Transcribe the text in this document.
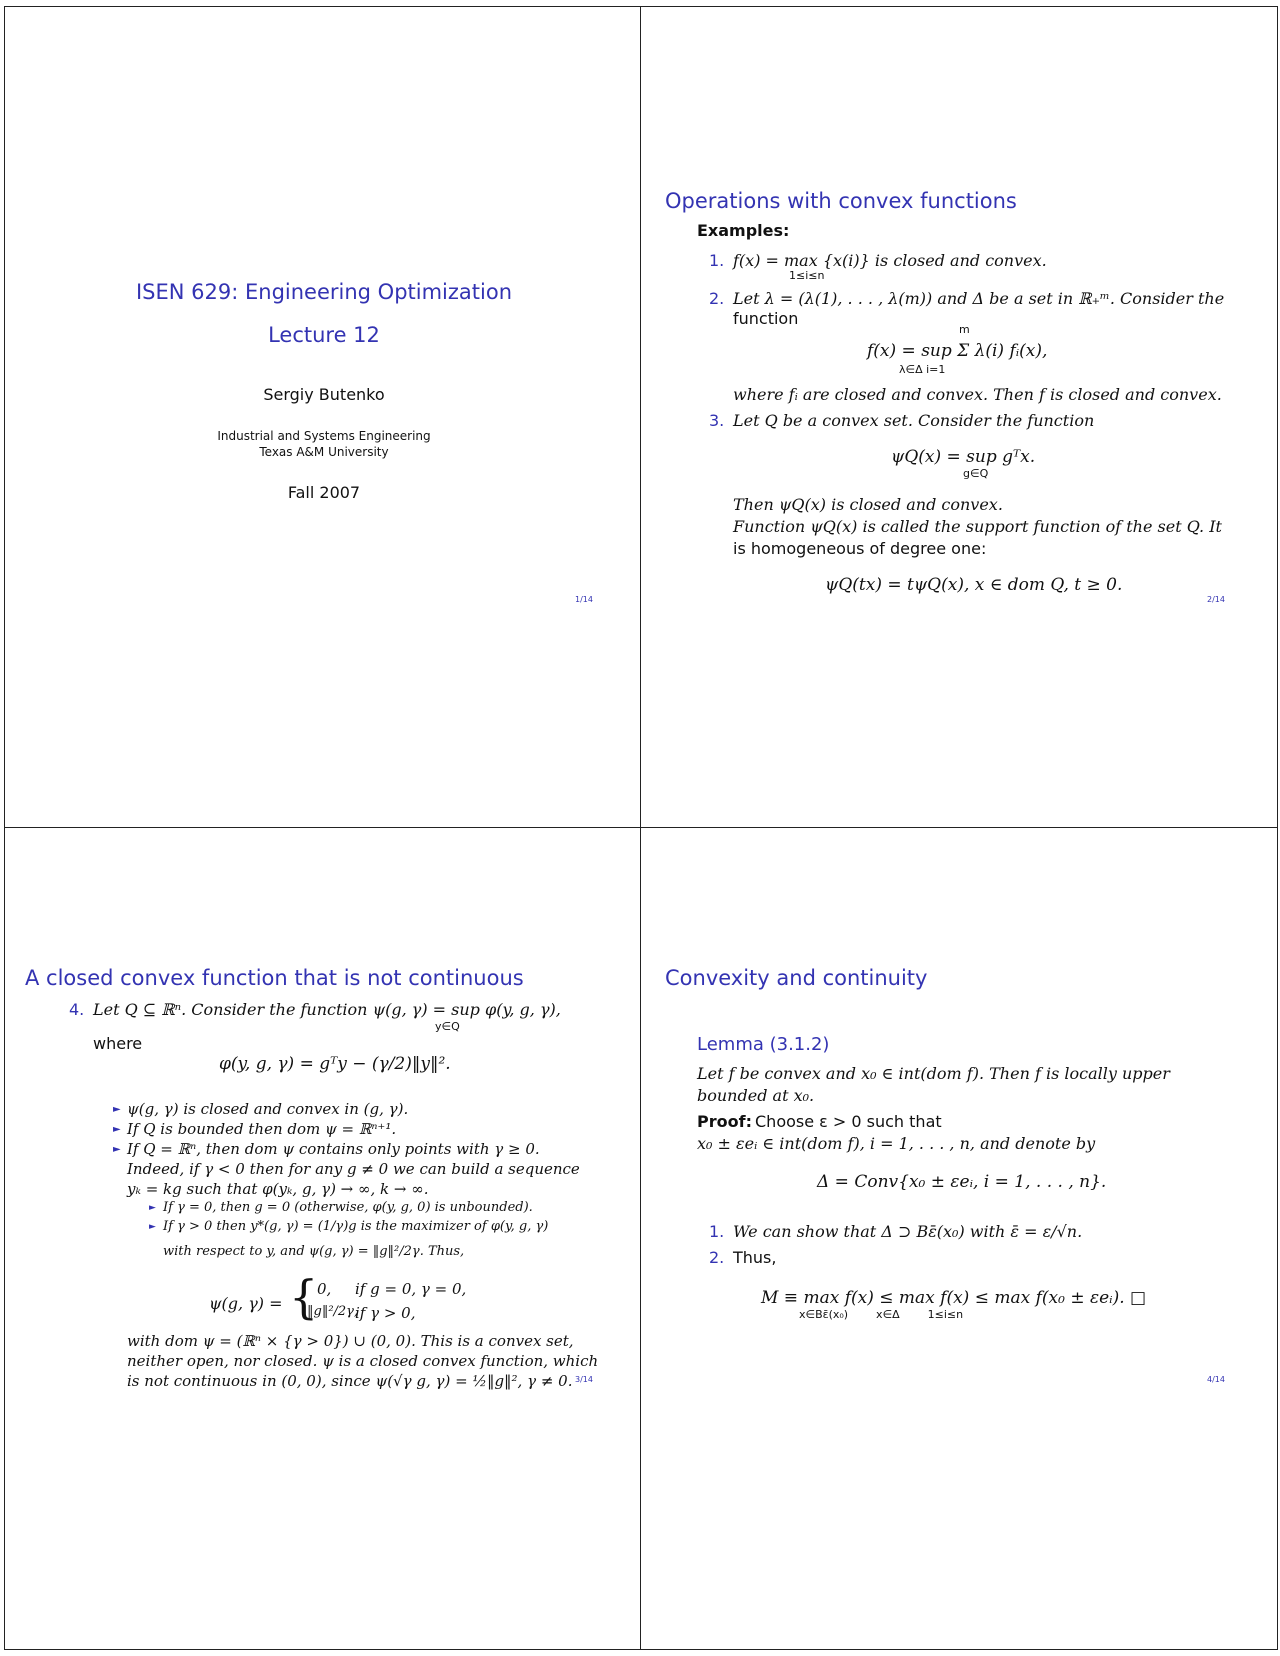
ISEN 629: Engineering Optimization
Lecture 12
Sergiy Butenko
Industrial and Systems Engineering
Texas A&M University
Fall 2007
1/14
Operations with convex functions
Examples:
1. f(x) = max {x(i)} is closed and convex.
1≤i≤n
2. Let λ = (λ(1), . . . , λ(m)) and Δ be a set in ℝ₊ᵐ. Consider the
function
m
f(x) = sup Σ λ(i) fᵢ(x),
λ∈Δ i=1
where fᵢ are closed and convex. Then f is closed and convex.
3. Let Q be a convex set. Consider the function
ψQ(x) = sup gᵀx.
g∈Q
Then ψQ(x) is closed and convex.
Function ψQ(x) is called the support function of the set Q. It
is homogeneous of degree one:
ψQ(tx) = tψQ(x), x ∈ dom Q, t ≥ 0.
2/14
A closed convex function that is not continuous
4. Let Q ⊆ ℝⁿ. Consider the function ψ(g, γ) = sup φ(y, g, γ),
y∈Q
where
φ(y, g, γ) = gᵀy − (γ/2)‖y‖².
► ψ(g, γ) is closed and convex in (g, γ).
► If Q is bounded then dom ψ = ℝⁿ⁺¹.
► If Q = ℝⁿ, then dom ψ contains only points with γ ≥ 0.
Indeed, if γ < 0 then for any g ≠ 0 we can build a sequence
yₖ = kg such that φ(yₖ, g, γ) → ∞, k → ∞.
► If γ = 0, then g = 0 (otherwise, φ(y, g, 0) is unbounded).
► If γ > 0 then y*(g, γ) = (1/γ)g is the maximizer of φ(y, g, γ)
with respect to y, and ψ(g, γ) = ‖g‖²/2γ. Thus,
ψ(g, γ) = {
0, if g = 0, γ = 0,
‖g‖²/2γ,
if γ > 0,
with dom ψ = (ℝⁿ × {γ > 0}) ∪ (0, 0). This is a convex set,
neither open, nor closed. ψ is a closed convex function, which
is not continuous in (0, 0), since ψ(√γ g, γ) = ½‖g‖², γ ≠ 0. 3/14
Convexity and continuity
Lemma (3.1.2)
Let f be convex and x₀ ∈ int(dom f). Then f is locally upper
bounded at x₀.
Proof: Choose ε > 0 such that
x₀ ± εeᵢ ∈ int(dom f), i = 1, . . . , n, and denote by
Δ = Conv{x₀ ± εeᵢ, i = 1, . . . , n}.
1. We can show that Δ ⊃ Bε̄(x₀) with ε̄ = ε/√n.
2. Thus,
M ≡ max f(x) ≤ max f(x) ≤ max f(x₀ ± εeᵢ). □
x∈Bε̄(x₀)        x∈Δ        1≤i≤n
4/14
